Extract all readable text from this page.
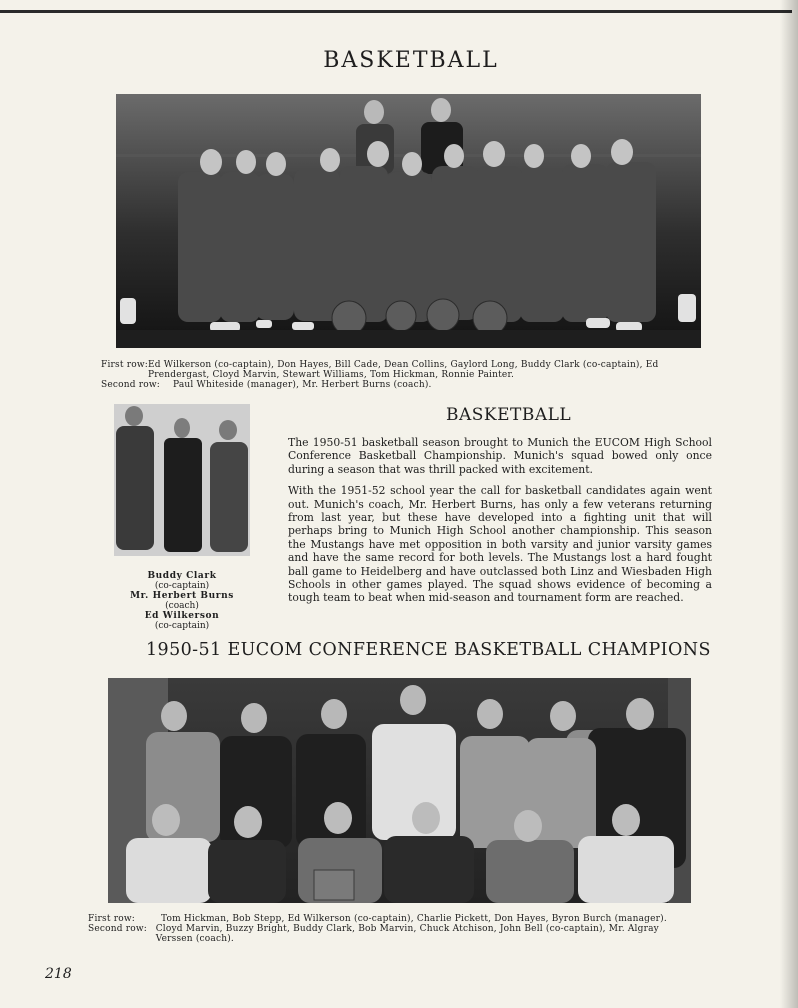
BASKETBALL
First row: Ed Wilkerson (co-captain), Don Hayes, Bill Cade, Dean Collins, Gaylord Long, Buddy Clark (co-captain), Ed Prendergast, Cloyd Marvin, Stewart Williams, Tom Hickman, Ronnie Painter.
Second row:	Paul Whiteside (manager), Mr. Herbert Burns (coach).
Buddy Clark
(co-captain)
Mr. Herbert Burns
(coach)
Ed Wilkerson
(co-captain)
BASKETBALL

The 1950-51 basketball season brought to Munich the EUCOM High School Conference Basketball Championship. Munich's squad bowed only once during a season that was thrill packed with excitement.

With the 1951-52 school year the call for basketball candidates again went out. Munich's coach, Mr. Herbert Burns, has only a few veterans returning from last year, but these have developed into a fighting unit that will perhaps bring to Munich High School another championship. This season the Mustangs have met opposition in both varsity and junior varsity games and have the same record for both levels. The Mustangs lost a hard fought ball game to Heidelberg and have outclassed both Linz and Wiesbaden High Schools in other games played. The squad shows evidence of becoming a tough team to beat when mid-season and tournament form are reached.

1950-51 EUCOM CONFERENCE BASKETBALL CHAMPIONS
First row:	Tom Hickman, Bob Stepp, Ed Wilkerson (co-captain), Charlie Pickett, Don Hayes, Byron Burch (manager).
Second row: Cloyd Marvin, Buzzy Bright, Buddy Clark, Bob Marvin, Chuck Atchison, John Bell (co-captain), Mr. Algray Verssen (coach).
218
